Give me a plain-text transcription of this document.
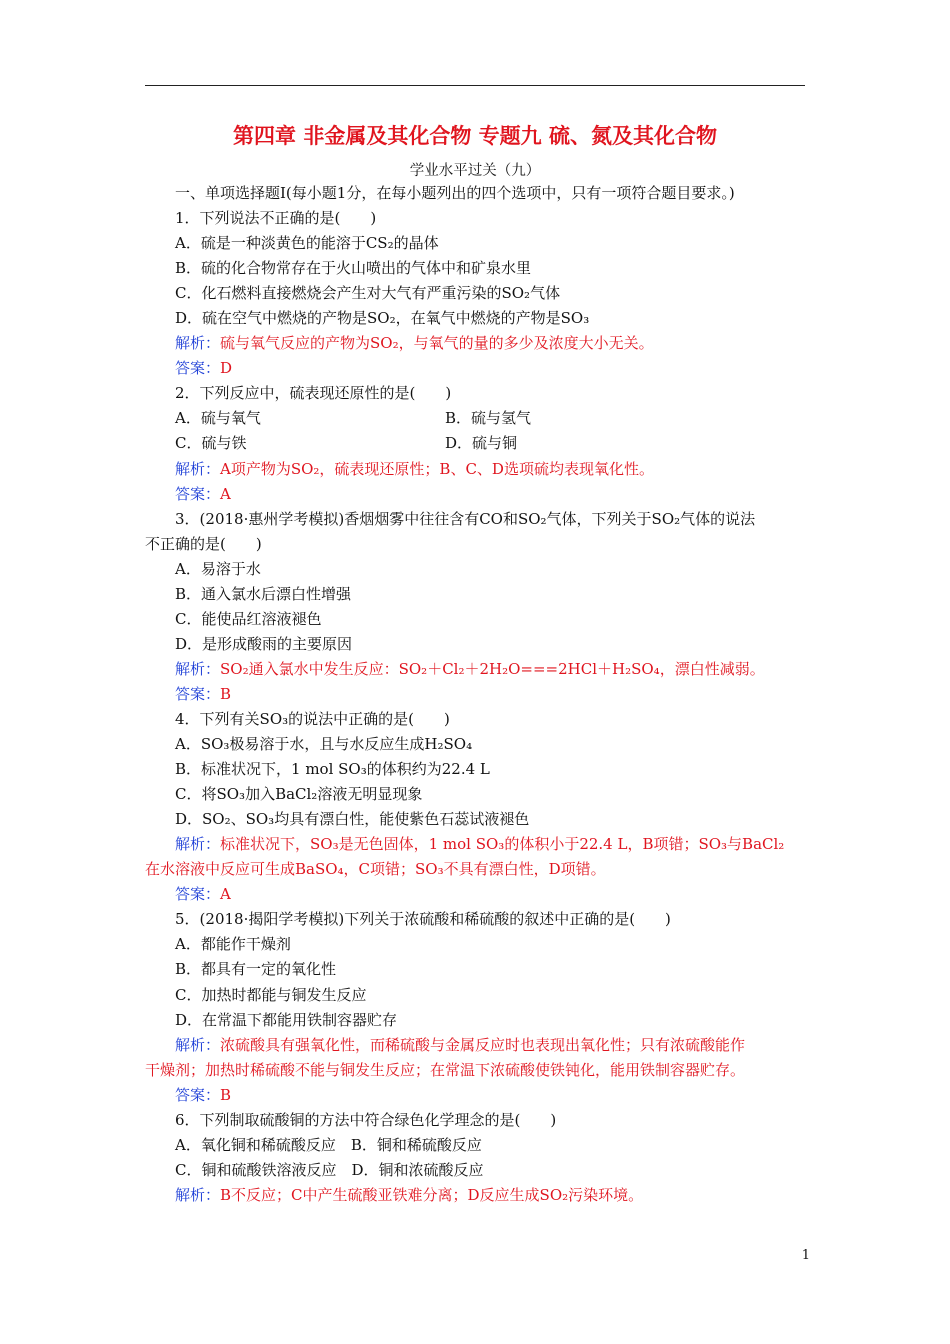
第四章 非金属及其化合物 专题九 硫、氮及其化合物
学业水平过关（九）
一、单项选择题Ⅰ(每小题1分，在每小题列出的四个选项中，只有一项符合题目要求。)
1．下列说法不正确的是(　　)
A．硫是一种淡黄色的能溶于CS₂的晶体
B．硫的化合物常存在于火山喷出的气体中和矿泉水里
C．化石燃料直接燃烧会产生对大气有严重污染的SO₂气体
D．硫在空气中燃烧的产物是SO₂，在氧气中燃烧的产物是SO₃
解析：硫与氧气反应的产物为SO₂，与氧气的量的多少及浓度大小无关。
答案：D
2．下列反应中，硫表现还原性的是(　　)
A．硫与氧气	B．硫与氢气
C．硫与铁	D．硫与铜
解析：A项产物为SO₂，硫表现还原性；B、C、D选项硫均表现氧化性。
答案：A
3．(2018·惠州学考模拟)香烟烟雾中往往含有CO和SO₂气体，下列关于SO₂气体的说法
不正确的是(　　)
A．易溶于水
B．通入氯水后漂白性增强
C．能使品红溶液褪色
D．是形成酸雨的主要原因
解析：SO₂通入氯水中发生反应：SO₂＋Cl₂＋2H₂O===2HCl＋H₂SO₄，漂白性减弱。
答案：B
4．下列有关SO₃的说法中正确的是(　　)
A．SO₃极易溶于水，且与水反应生成H₂SO₄
B．标准状况下，1 mol SO₃的体积约为22.4 L
C．将SO₃加入BaCl₂溶液无明显现象
D．SO₂、SO₃均具有漂白性，能使紫色石蕊试液褪色
解析：标准状况下，SO₃是无色固体，1 mol SO₃的体积小于22.4 L，B项错；SO₃与BaCl₂
在水溶液中反应可生成BaSO₄，C项错；SO₃不具有漂白性，D项错。
答案：A
5．(2018·揭阳学考模拟)下列关于浓硫酸和稀硫酸的叙述中正确的是(　　)
A．都能作干燥剂
B．都具有一定的氧化性
C．加热时都能与铜发生反应
D．在常温下都能用铁制容器贮存
解析：浓硫酸具有强氧化性，而稀硫酸与金属反应时也表现出氧化性；只有浓硫酸能作
干燥剂；加热时稀硫酸不能与铜发生反应；在常温下浓硫酸使铁钝化，能用铁制容器贮存。
答案：B
6．下列制取硫酸铜的方法中符合绿色化学理念的是(　　)
A．氧化铜和稀硫酸反应　B．铜和稀硫酸反应
C．铜和硫酸铁溶液反应　D．铜和浓硫酸反应
解析：B不反应；C中产生硫酸亚铁难分离；D反应生成SO₂污染环境。
1
